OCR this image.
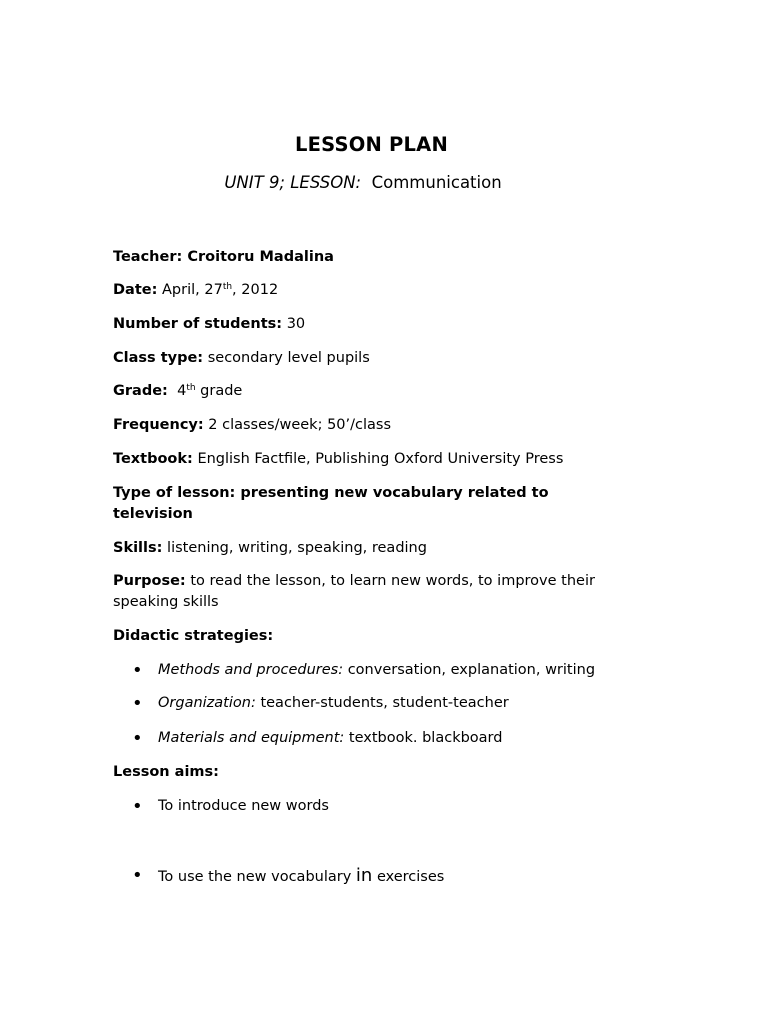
LESSON PLAN
UNIT 9; LESSON: Communication
Teacher: Croitoru Madalina
Date: April, 27th, 2012
Number of students: 30
Class type: secondary level pupils
Grade: 4th grade
Frequency: 2 classes/week; 50’/class
Textbook: English Factfile, Publishing Oxford University Press
Type of lesson: presenting new vocabulary related to television
Skills: listening, writing, speaking, reading
Purpose: to read the lesson, to learn new words, to improve their speaking skills
Didactic strategies:
• Methods and procedures: conversation, explanation, writing
• Organization: teacher-students, student-teacher
• Materials and equipment: textbook. blackboard
Lesson aims:
• To introduce new words
• To use the new vocabulary in exercises
